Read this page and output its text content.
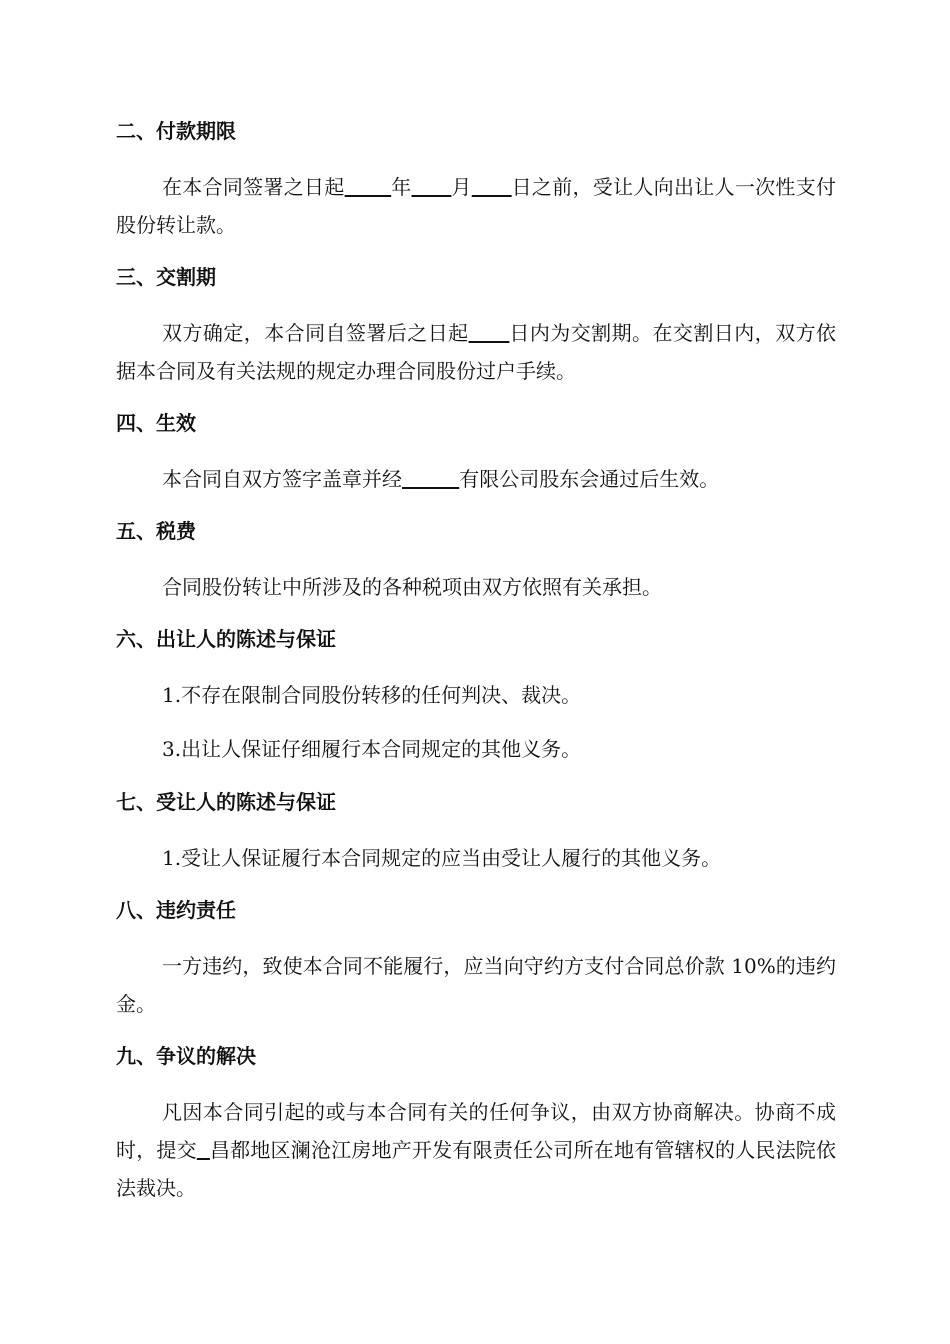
二、付款期限

在本合同签署之日起 年 月 日之前，受让人向出让人一次性支付股份转让款。

三、交割期

双方确定，本合同自签署后之日起 日内为交割期。在交割日内，双方依据本合同及有关法规的规定办理合同股份过户手续。

四、生效

本合同自双方签字盖章并经	有限公司股东会通过后生效。

五、税费

合同股份转让中所涉及的各种税项由双方依照有关承担。

六、出让人的陈述与保证

1.不存在限制合同股份转移的任何判决、裁决。

3.出让人保证仔细履行本合同规定的其他义务。

七、受让人的陈述与保证

1.受让人保证履行本合同规定的应当由受让人履行的其他义务。

八、违约责任

一方违约，致使本合同不能履行，应当向守约方支付合同总价款 10%的违约金。

九、争议的解决

凡因本合同引起的或与本合同有关的任何争议，由双方协商解决。协商不成时，提交 昌都地区澜沧江房地产开发有限责任公司所在地有管辖权的人民法院依法裁决。
